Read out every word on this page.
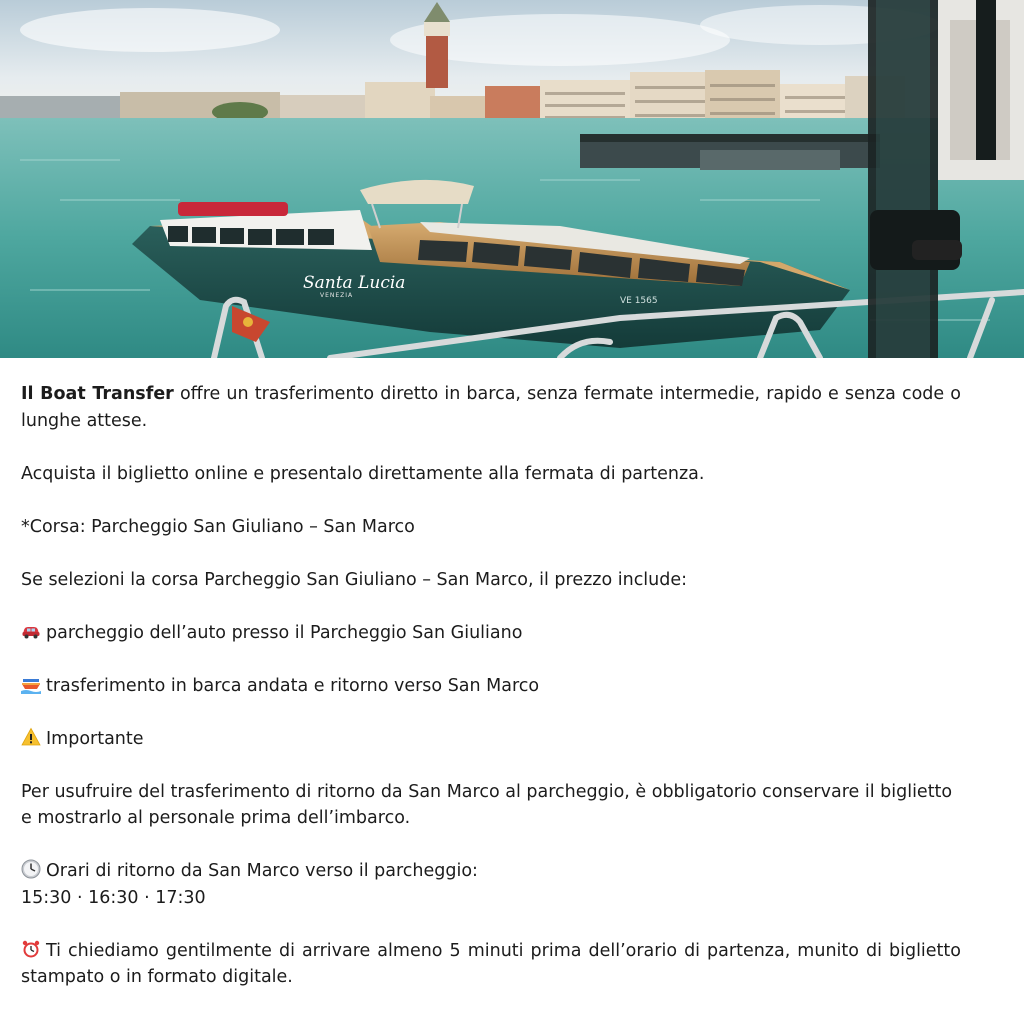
Santa Lucia
VENEZIA
VE 1565

Il Boat Transfer offre un trasferimento diretto in barca, senza fermate intermedie, rapido e senza code o lunghe attese.

Acquista il biglietto online e presentalo direttamente alla fermata di partenza.

*Corsa: Parcheggio San Giuliano – San Marco

Se selezioni la corsa Parcheggio San Giuliano – San Marco, il prezzo include:

parcheggio dell’auto presso il Parcheggio San Giuliano

trasferimento in barca andata e ritorno verso San Marco

Importante

Per usufruire del trasferimento di ritorno da San Marco al parcheggio, è obbligatorio conservare il biglietto e mostrarlo al personale prima dell’imbarco.

Orari di ritorno da San Marco verso il parcheggio:
15:30 · 16:30 · 17:30

Ti chiediamo gentilmente di arrivare almeno 5 minuti prima dell’orario di partenza, munito di biglietto stampato o in formato digitale.
